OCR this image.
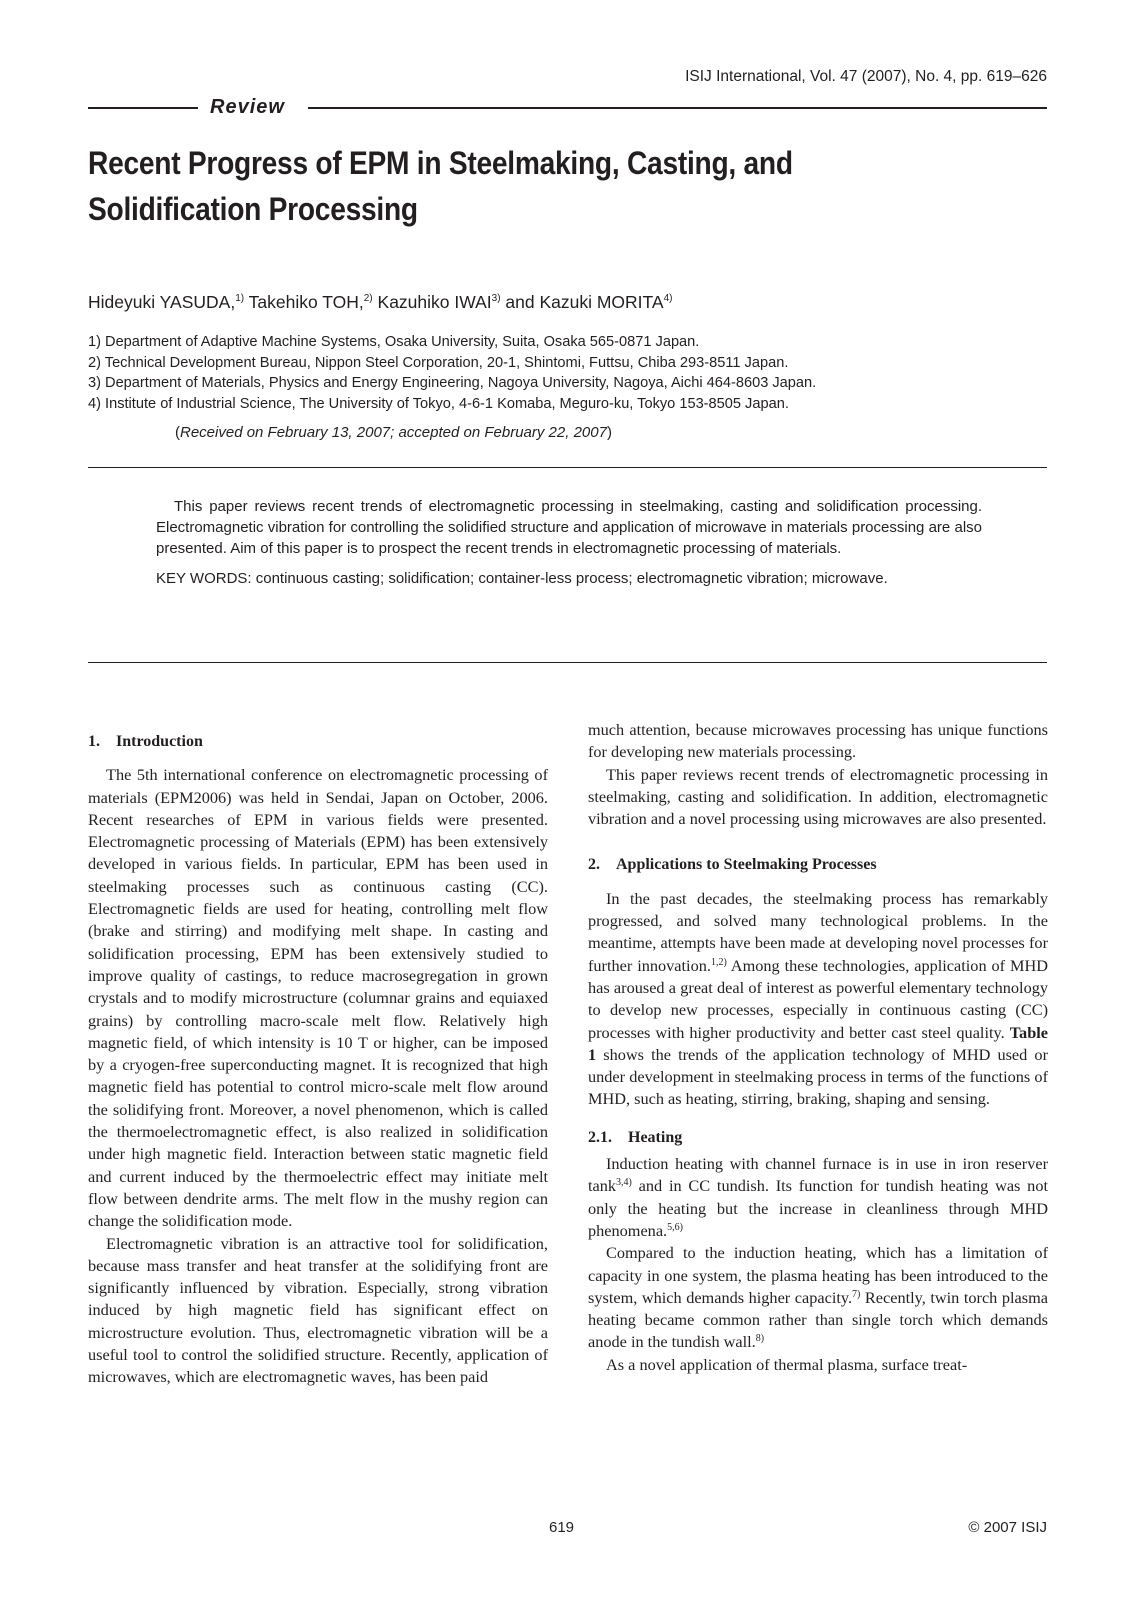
ISIJ International, Vol. 47 (2007), No. 4, pp. 619–626
Review
Recent Progress of EPM in Steelmaking, Casting, and
Solidification Processing
Hideyuki YASUDA,$^{1)}$ Takehiko TOH,$^{2)}$ Kazuhiko IWAI$^{3)}$ and Kazuki MORITA$^{4)}$
1) Department of Adaptive Machine Systems, Osaka University, Suita, Osaka 565-0871 Japan.
2) Technical Development Bureau, Nippon Steel Corporation, 20-1, Shintomi, Futtsu, Chiba 293-8511 Japan.
3) Department of Materials, Physics and Energy Engineering, Nagoya University, Nagoya, Aichi 464-8603 Japan.
4) Institute of Industrial Science, The University of Tokyo, 4-6-1 Komaba, Meguro-ku, Tokyo 153-8505 Japan.
(Received on February 13, 2007; accepted on February 22, 2007)

This paper reviews recent trends of electromagnetic processing in steelmaking, casting and solidification processing. Electromagnetic vibration for controlling the solidified structure and application of microwave in materials processing are also presented. Aim of this paper is to prospect the recent trends in electromagnetic processing of materials.

KEY WORDS: continuous casting; solidification; container-less process; electromagnetic vibration; microwave.

1. Introduction

The 5th international conference on electromagnetic processing of materials (EPM2006) was held in Sendai, Japan on October, 2006. Recent researches of EPM in various fields were presented. Electromagnetic processing of Materials (EPM) has been extensively developed in various fields. In particular, EPM has been used in steelmaking processes such as continuous casting (CC). Electromagnetic fields are used for heating, controlling melt flow (brake and stirring) and modifying melt shape. In casting and solidification processing, EPM has been extensively studied to improve quality of castings, to reduce macrosegregation in grown crystals and to modify microstructure (columnar grains and equiaxed grains) by controlling macro-scale melt flow. Relatively high magnetic field, of which intensity is 10 T or higher, can be imposed by a cryogen-free superconducting magnet. It is recognized that high magnetic field has potential to control micro-scale melt flow around the solidifying front. Moreover, a novel phenomenon, which is called the thermoelectromagnetic effect, is also realized in solidification under high magnetic field. Interaction between static magnetic field and current induced by the thermoelectric effect may initiate melt flow between dendrite arms. The melt flow in the mushy region can change the solidification mode.

Electromagnetic vibration is an attractive tool for solidification, because mass transfer and heat transfer at the solidifying front are significantly influenced by vibration. Especially, strong vibration induced by high magnetic field has significant effect on microstructure evolution. Thus, electromagnetic vibration will be a useful tool to control the solidified structure. Recently, application of microwaves, which are electromagnetic waves, has been paid

much attention, because microwaves processing has unique functions for developing new materials processing.

This paper reviews recent trends of electromagnetic processing in steelmaking, casting and solidification. In addition, electromagnetic vibration and a novel processing using microwaves are also presented.

2. Applications to Steelmaking Processes

In the past decades, the steelmaking process has remarkably progressed, and solved many technological problems. In the meantime, attempts have been made at developing novel processes for further innovation.$^{1,2)}$ Among these technologies, application of MHD has aroused a great deal of interest as powerful elementary technology to develop new processes, especially in continuous casting (CC) processes with higher productivity and better cast steel quality. Table 1 shows the trends of the application technology of MHD used or under development in steelmaking process in terms of the functions of MHD, such as heating, stirring, braking, shaping and sensing.

2.1. Heating

Induction heating with channel furnace is in use in iron reserver tank$^{3,4)}$ and in CC tundish. Its function for tundish heating was not only the heating but the increase in cleanliness through MHD phenomena.$^{5,6)}$

Compared to the induction heating, which has a limitation of capacity in one system, the plasma heating has been introduced to the system, which demands higher capacity.$^{7)}$ Recently, twin torch plasma heating became common rather than single torch which demands anode in the tundish wall.$^{8)}$

As a novel application of thermal plasma, surface treat-

619	© 2007 ISIJ
